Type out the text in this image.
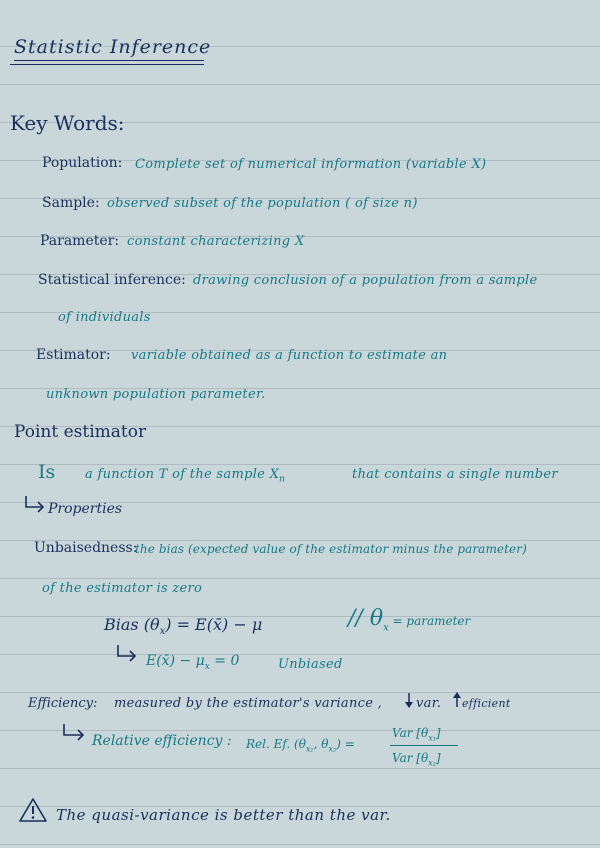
Statistic Inference
Key Words:
Population: Complete set of numerical information (variable X)
Sample: observed subset of the population ( of size n)
Parameter: constant characterizing X
Statistical inference: drawing conclusion of a population from a sample
of individuals
Estimator: variable obtained as a function to estimate an
unknown population parameter.
Point estimator
Is a function T of the sample $X_n$	that contains a single number
Properties
Unbaisedness:
the bias (expected value of the estimator minus the parameter)
of the estimator is zero
Bias $(\theta_x)$ = E(x̄) − μ	// $\theta_x$ = parameter
E(x̄) − $\mu_x = 0$	Unbiased
Efficiency: measured by the estimator's variance ,	var. efficient
Relative efficiency : Rel. Ef. ($\theta_{x_1}$, $\theta_{x_2}$) =
Var $[\theta_{x_1}]$
Var $[\theta_{x_2}]$
The quasi-variance is better than the var.
